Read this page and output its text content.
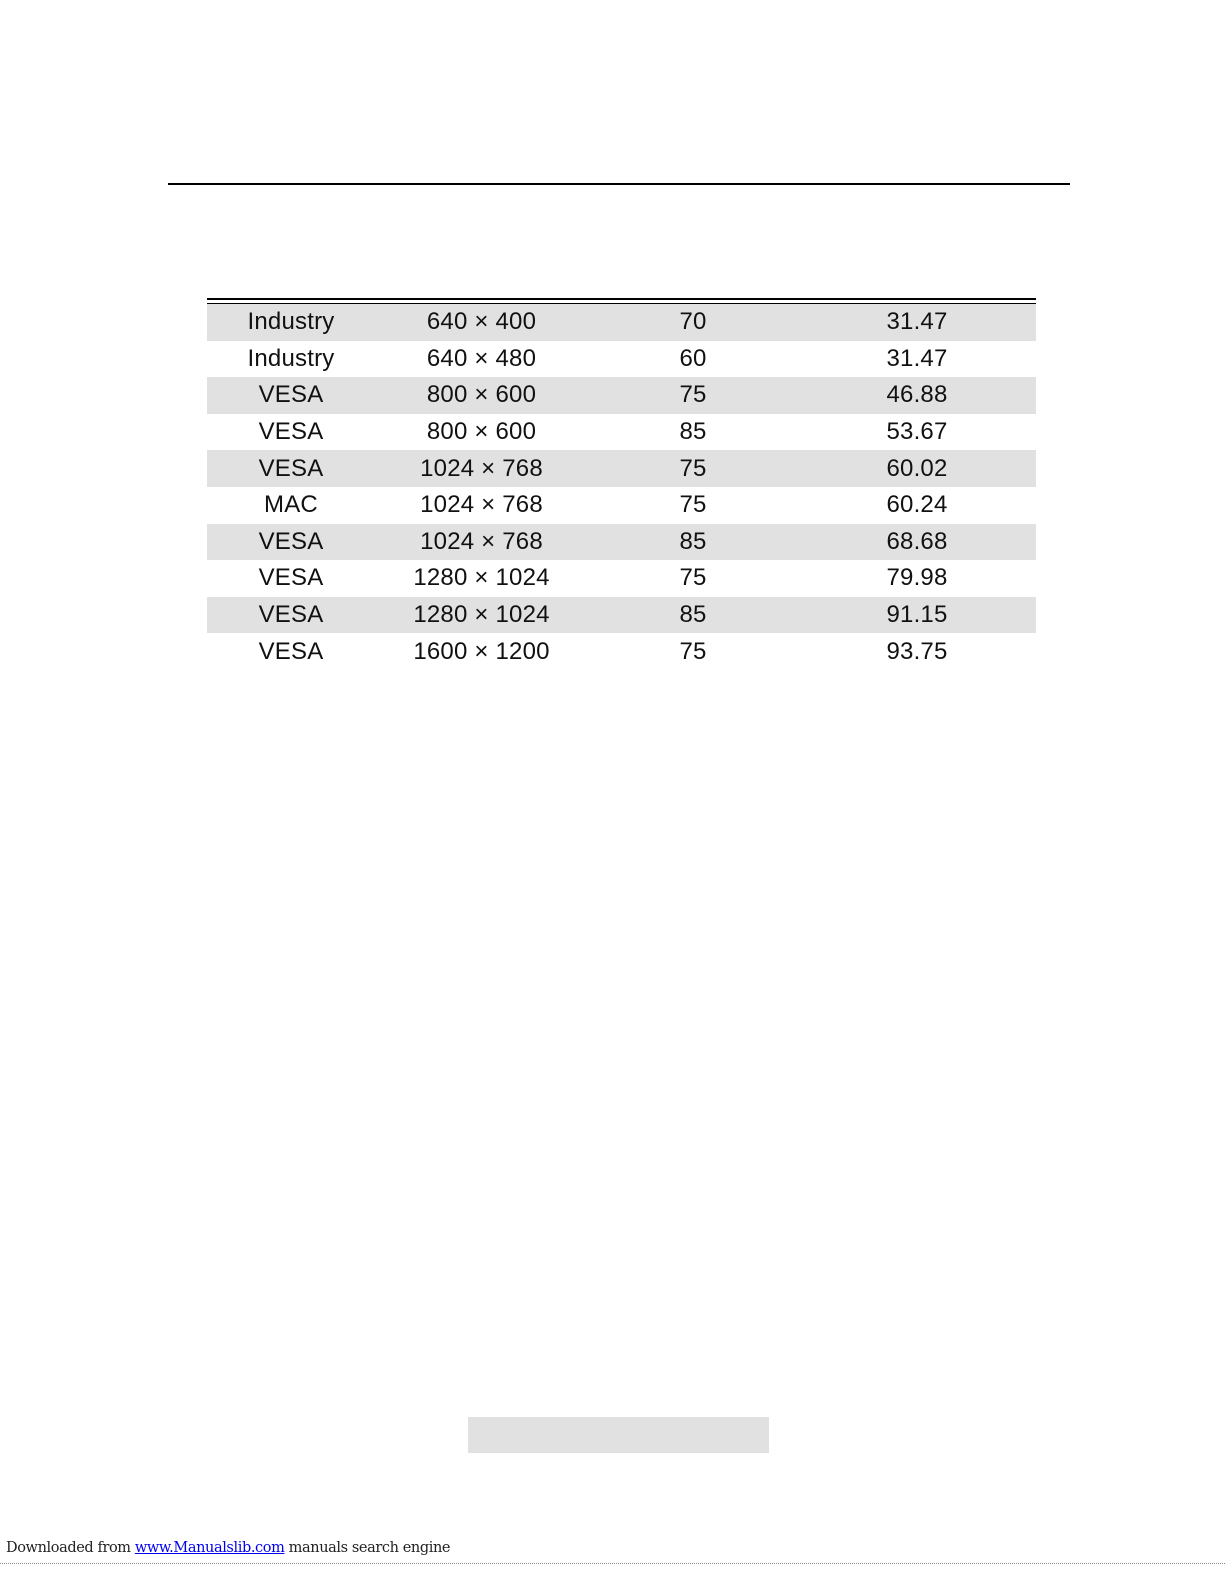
Industry	640 × 400	70	31.47
Industry	640 × 480	60	31.47
VESA	800 × 600	75	46.88
VESA	800 × 600	85	53.67
VESA	1024 × 768	75	60.02
MAC	1024 × 768	75	60.24
VESA	1024 × 768	85	68.68
VESA	1280 × 1024	75	79.98
VESA	1280 × 1024	85	91.15
VESA	1600 × 1200	75	93.75
Downloaded from www.Manualslib.com manuals search engine
